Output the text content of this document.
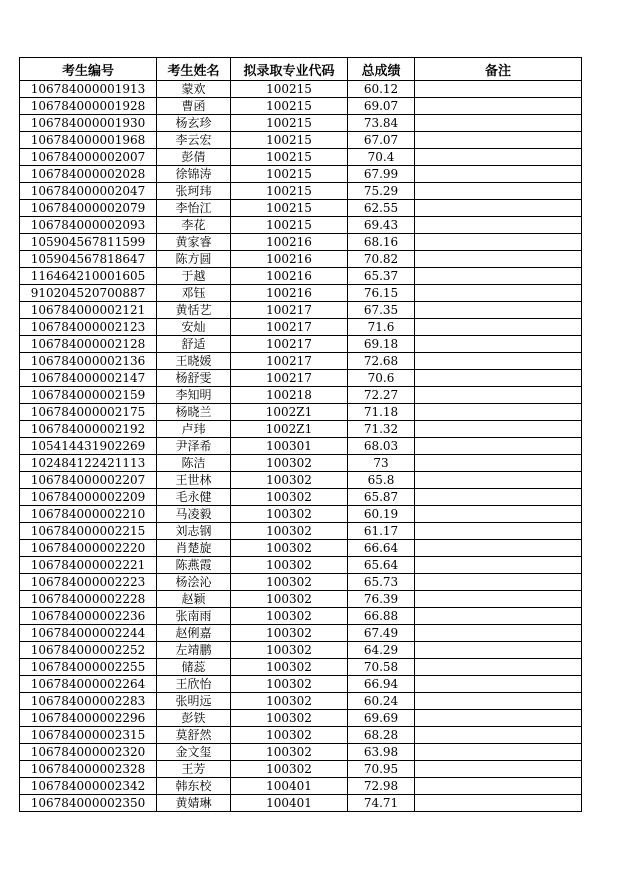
考生编号	考生姓名	拟录取专业代码	总成绩	备注
106784000001913	蒙欢	100215	60.12	
106784000001928	曹函	100215	69.07	
106784000001930	杨玄珍	100215	73.84	
106784000001968	李云宏	100215	67.07	
106784000002007	彭倩	100215	70.4	
106784000002028	徐锦涛	100215	67.99	
106784000002047	张珂玮	100215	75.29	
106784000002079	李怡江	100215	62.55	
106784000002093	李花	100215	69.43	
105904567811599	黄家睿	100216	68.16	
105904567818647	陈方圆	100216	70.82	
116464210001605	于越	100216	65.37	
910204520700887	邓钰	100216	76.15	
106784000002121	黄恬艺	100217	67.35	
106784000002123	安灿	100217	71.6	
106784000002128	舒适	100217	69.18	
106784000002136	王晓媛	100217	72.68	
106784000002147	杨舒雯	100217	70.6	
106784000002159	李知明	100218	72.27	
106784000002175	杨晓兰	1002Z1	71.18	
106784000002192	卢玮	1002Z1	71.32	
105414431902269	尹泽希	100301	68.03	
102484122421113	陈洁	100302	73	
106784000002207	王世林	100302	65.8	
106784000002209	毛永健	100302	65.87	
106784000002210	马凌毅	100302	60.19	
106784000002215	刘志钢	100302	61.17	
106784000002220	肖楚旋	100302	66.64	
106784000002221	陈燕霞	100302	65.64	
106784000002223	杨浍沁	100302	65.73	
106784000002228	赵颖	100302	76.39	
106784000002236	张南雨	100302	66.88	
106784000002244	赵俐嘉	100302	67.49	
106784000002252	左靖鹏	100302	64.29	
106784000002255	储蕊	100302	70.58	
106784000002264	王欣怡	100302	66.94	
106784000002283	张明远	100302	60.24	
106784000002296	彭铁	100302	69.69	
106784000002315	莫舒然	100302	68.28	
106784000002320	金文玺	100302	63.98	
106784000002328	王芳	100302	70.95	
106784000002342	韩东校	100401	72.98	
106784000002350	黄婧琳	100401	74.71	
